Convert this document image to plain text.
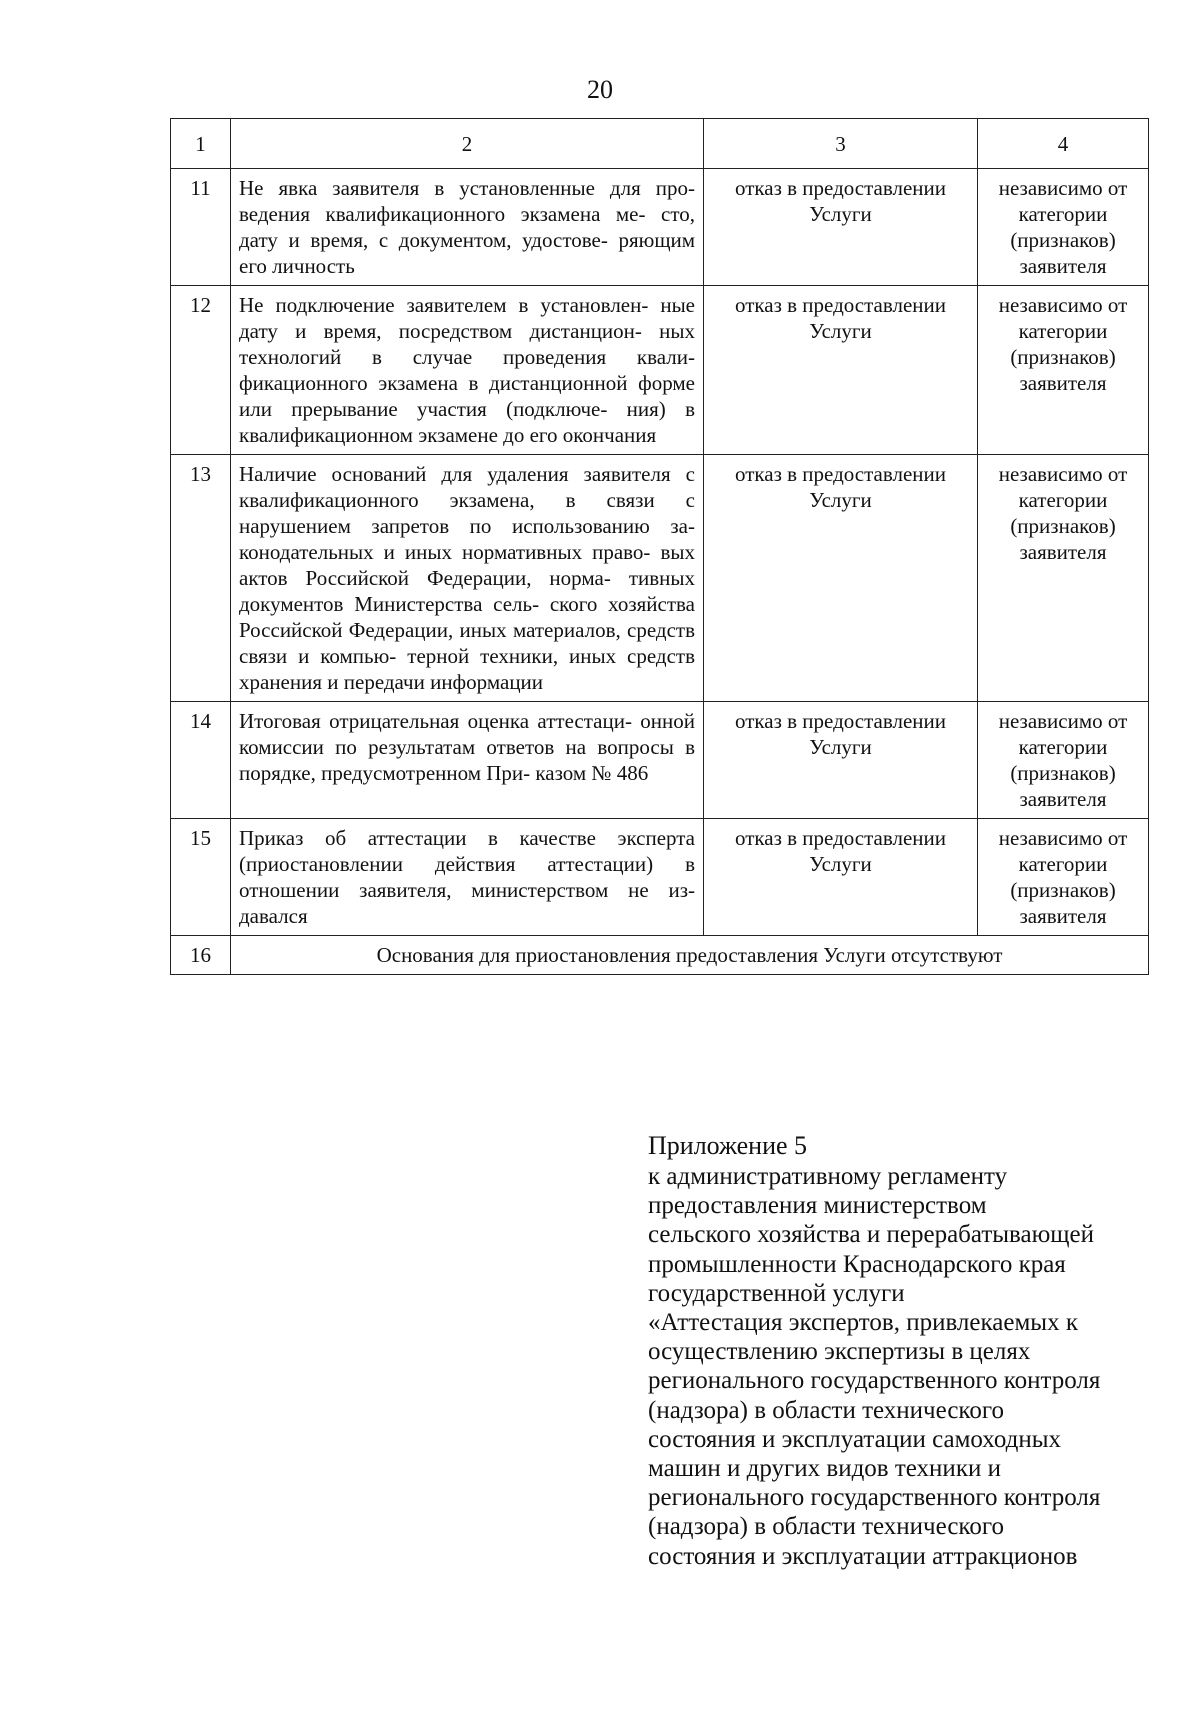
20
1	2	3	4
11	Не явка заявителя в установленные для про- ведения квалификационного экзамена ме- сто, дату и время, с документом, удостове- ряющим его личность	отказ в предоставлении Услуги	независимо от категории (признаков) заявителя
12	Не подключение заявителем в установлен- ные дату и время, посредством дистанцион- ных технологий в случае проведения квали- фикационного экзамена в дистанционной форме или прерывание участия (подключе- ния) в квалификационном экзамене до его окончания	отказ в предоставлении Услуги	независимо от категории (признаков) заявителя
13	Наличие оснований для удаления заявителя с квалификационного экзамена, в связи с нарушением запретов по использованию за- конодательных и иных нормативных право- вых актов Российской Федерации, норма- тивных документов Министерства сель- ского хозяйства Российской Федерации, иных материалов, средств связи и компью- терной техники, иных средств хранения и передачи информации	отказ в предоставлении Услуги	независимо от категории (признаков) заявителя
14	Итоговая отрицательная оценка аттестаци- онной комиссии по результатам ответов на вопросы в порядке, предусмотренном При- казом № 486	отказ в предоставлении Услуги	независимо от категории (признаков) заявителя
15	Приказ об аттестации в качестве эксперта (приостановлении действия аттестации) в отношении заявителя, министерством не из- давался	отказ в предоставлении Услуги	независимо от категории (признаков) заявителя
16	Основания для приостановления предоставления Услуги отсутствуют		
Приложение 5
к административному регламенту
предоставления министерством
сельского хозяйства и перерабатывающей
промышленности Краснодарского края
государственной услуги
«Аттестация экспертов, привлекаемых к
осуществлению экспертизы в целях
регионального государственного контроля
(надзора) в области технического
состояния и эксплуатации самоходных
машин и других видов техники и
регионального государственного контроля
(надзора) в области технического
состояния и эксплуатации аттракционов
